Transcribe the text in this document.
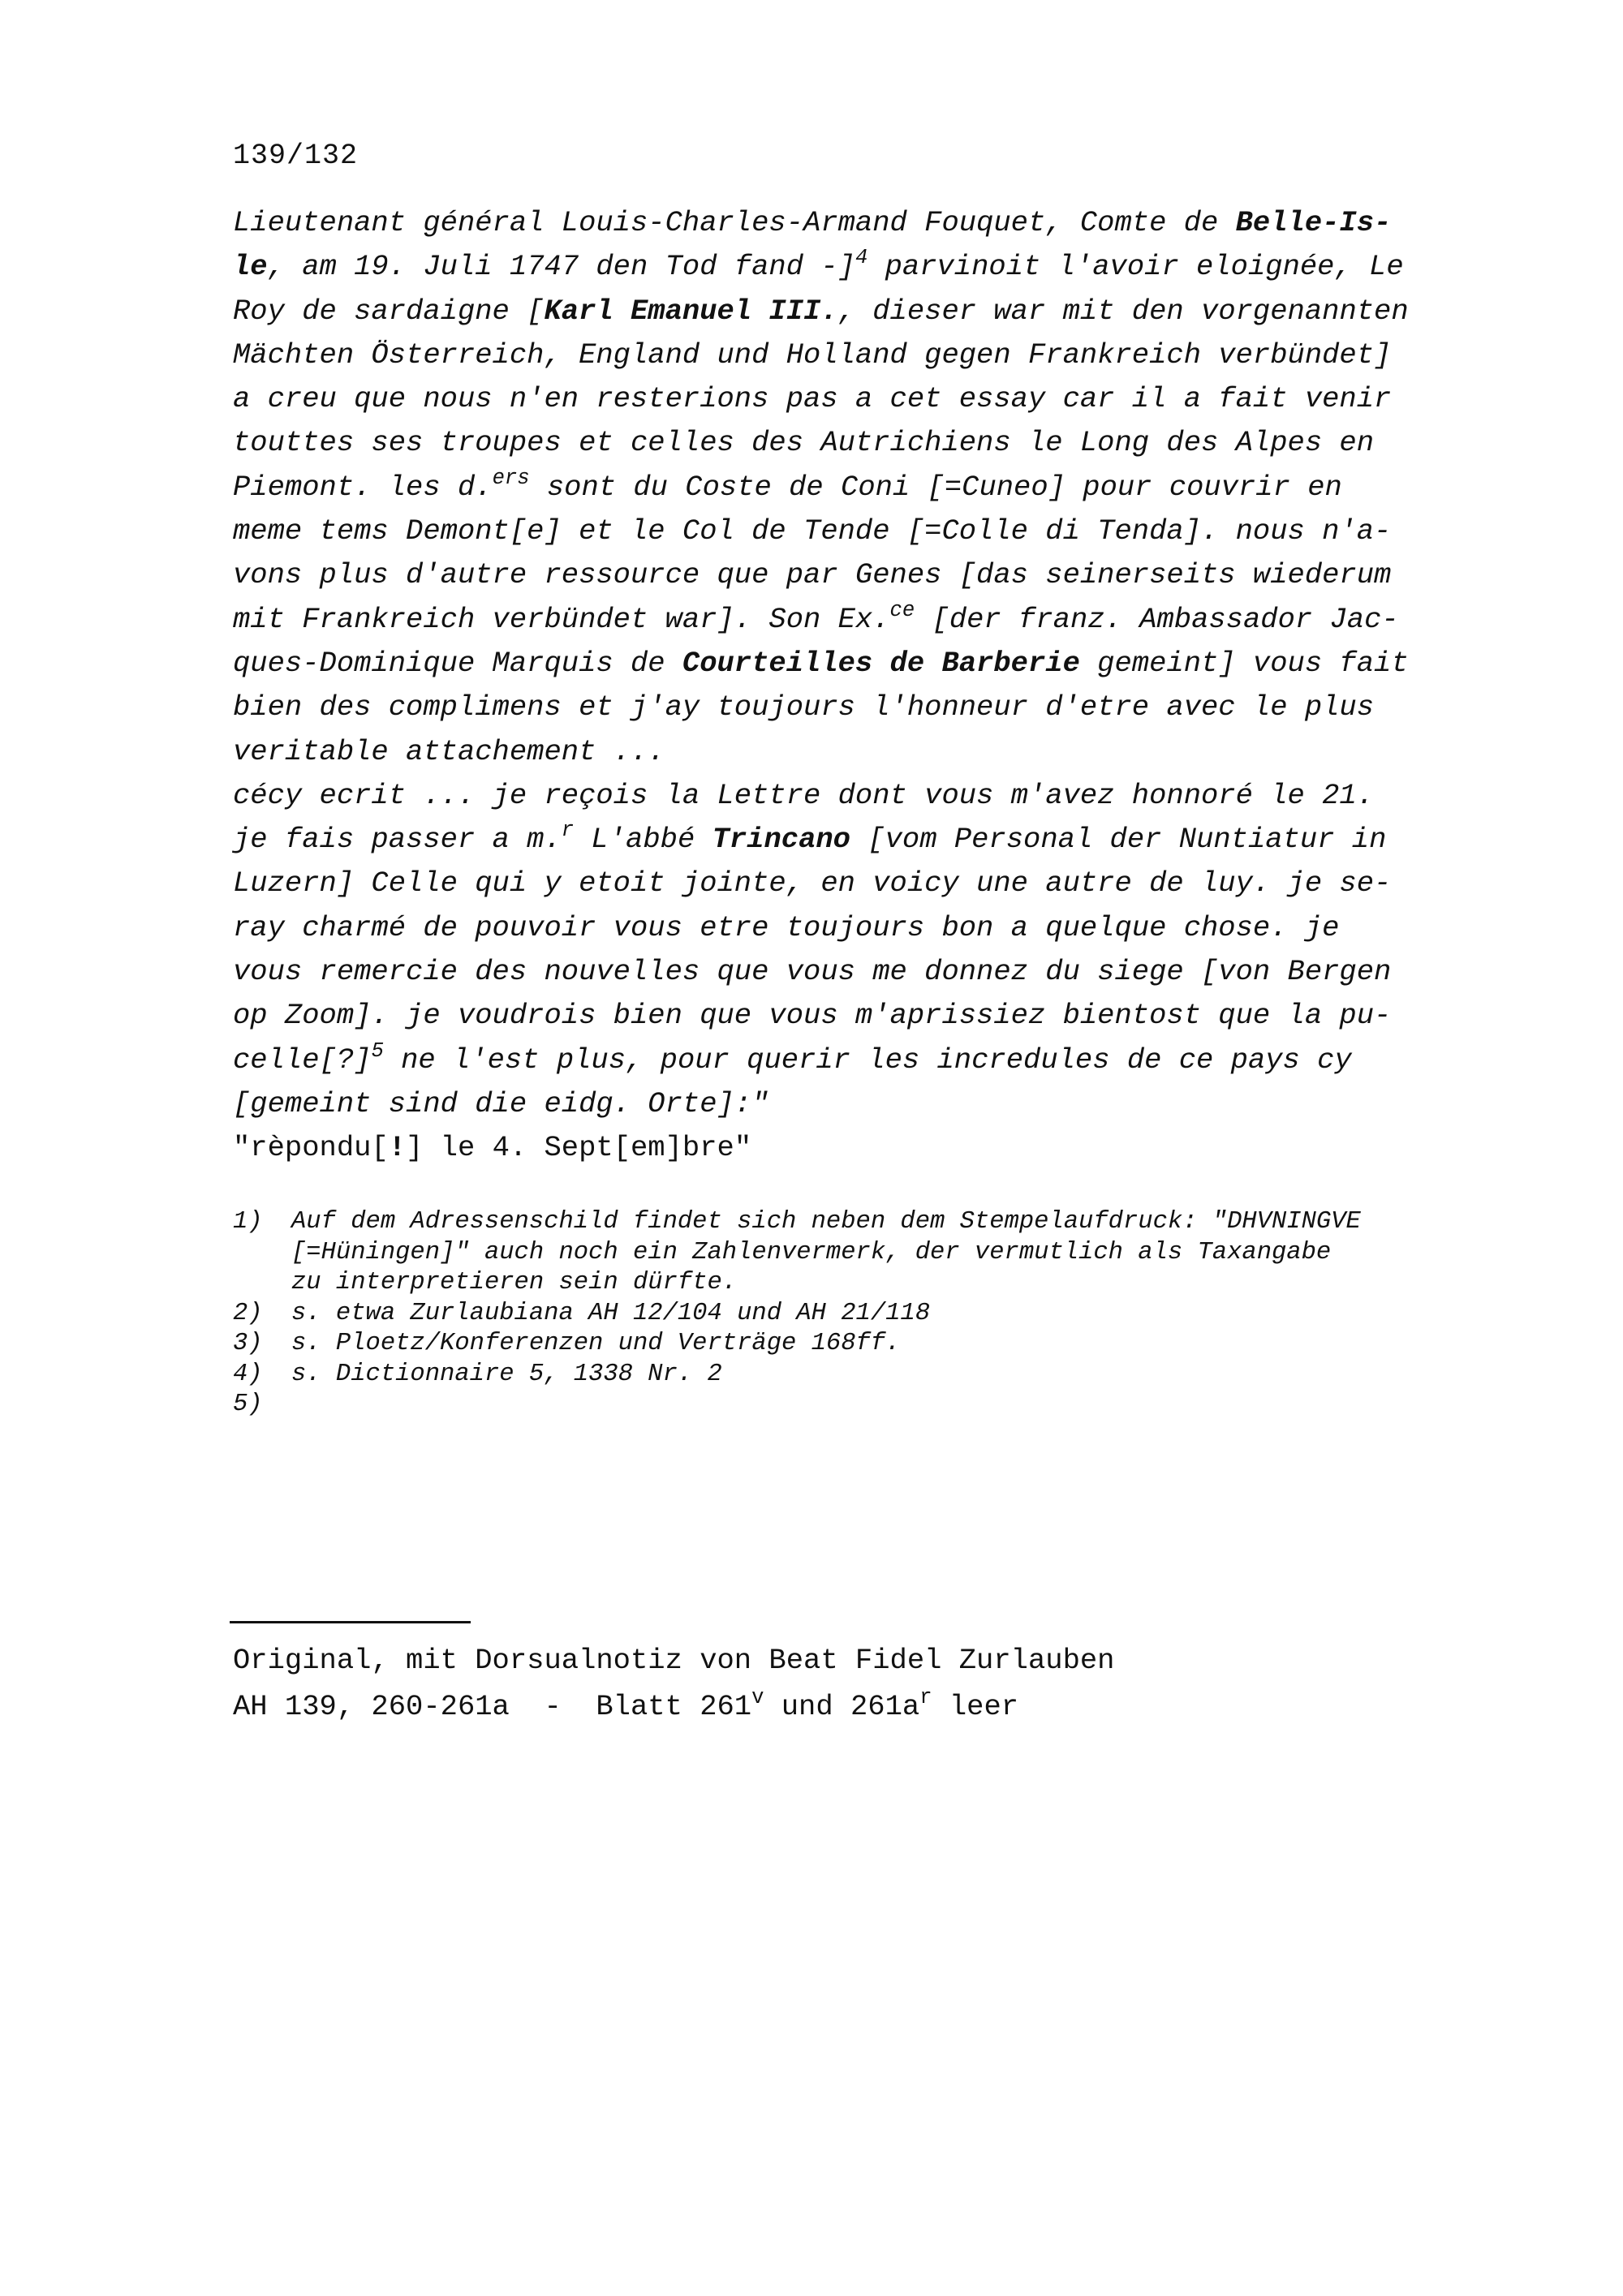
139/132
Lieutenant général Louis-Charles-Armand Fouquet, Comte de Belle-Is-
le, am 19. Juli 1747 den Tod fand -]$^4$ parvinoit l'avoir eloignée, Le
Roy de sardaigne [Karl Emanuel III., dieser war mit den vorgenannten
Mächten Österreich, England und Holland gegen Frankreich verbündet]
a creu que nous n'en resterions pas a cet essay car il a fait venir
touttes ses troupes et celles des Autrichiens le Long des Alpes en
Piemont. les d.$^{ers}$ sont du Coste de Coni [=Cuneo] pour couvrir en
meme tems Demont[e] et le Col de Tende [=Colle di Tenda]. nous n'a-
vons plus d'autre ressource que par Genes [das seinerseits wiederum
mit Frankreich verbündet war]. Son Ex.$^{ce}$ [der franz. Ambassador Jac-
ques-Dominique Marquis de Courteilles de Barberie gemeint] vous fait
bien des complimens et j'ay toujours l'honneur d'etre avec le plus
veritable attachement ...
cécy ecrit ... je reçois la Lettre dont vous m'avez honnoré le 21.
je fais passer a m.$^r$ L'abbé Trincano [vom Personal der Nuntiatur in
Luzern] Celle qui y etoit jointe, en voicy une autre de luy. je se-
ray charmé de pouvoir vous etre toujours bon a quelque chose. je
vous remercie des nouvelles que vous me donnez du siege [von Bergen
op Zoom]. je voudrois bien que vous m'aprissiez bientost que la pu-
celle[?]$^5$ ne l'est plus, pour querir les incredules de ce pays cy
[gemeint sind die eidg. Orte]:"
"rèpondu[!] le 4. Sept[em]bre"
1)	Auf dem Adressenschild findet sich neben dem Stempelaufdruck: "DHVNINGVE
[=Hüningen]" auch noch ein Zahlenvermerk, der vermutlich als Taxangabe
zu interpretieren sein dürfte.
2)	s. etwa Zurlaubiana AH 12/104 und AH 21/118
3)	s. Ploetz/Konferenzen und Verträge 168ff.
4)	s. Dictionnaire 5, 1338 Nr. 2
5)
Original, mit Dorsualnotiz von Beat Fidel Zurlauben
AH 139, 260-261a  -  Blatt 261$^v$ und $261a^r$ leer
